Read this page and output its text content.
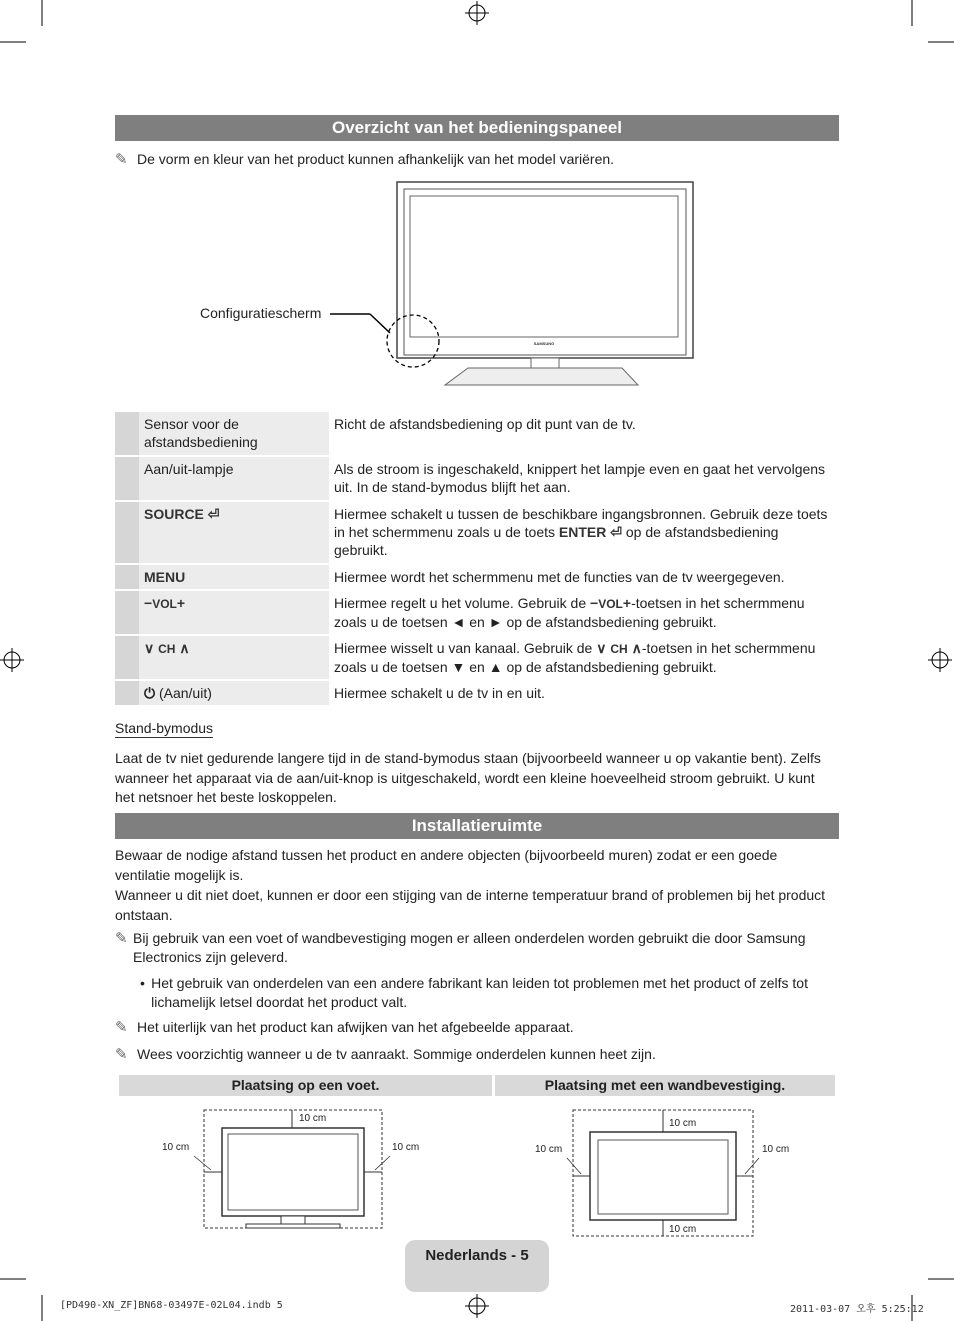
Overzicht van het bedieningspaneel
✎ De vorm en kleur van het product kunnen afhankelijk van het model variëren.
SAMSUNG
Configuratiescherm
	Sensor voor de afstandsbediening	Richt de afstandsbediening op dit punt van de tv.
	Aan/uit-lampje	Als de stroom is ingeschakeld, knippert het lampje even en gaat het vervolgens uit. In de stand-bymodus blijft het aan.
	SOURCE ⏎	Hiermee schakelt u tussen de beschikbare ingangsbronnen. Gebruik deze toets in het schermmenu zoals u de toets ENTER ⏎ op de afstandsbediening gebruikt.
	MENU	Hiermee wordt het schermmenu met de functies van de tv weergegeven.
	−VOL+	Hiermee regelt u het volume. Gebruik de −VOL+-toetsen in het schermmenu zoals u de toetsen ◄ en ► op de afstandsbediening gebruikt.
	∨ CH ∧	Hiermee wisselt u van kanaal. Gebruik de ∨ CH ∧-toetsen in het schermmenu zoals u de toetsen ▼ en ▲ op de afstandsbediening gebruikt.
	⏻ (Aan/uit)	Hiermee schakelt u de tv in en uit.
Stand-bymodus
Laat de tv niet gedurende langere tijd in de stand-bymodus staan (bijvoorbeeld wanneer u op vakantie bent). Zelfs wanneer het apparaat via de aan/uit-knop is uitgeschakeld, wordt een kleine hoeveelheid stroom gebruikt. U kunt het netsnoer het beste loskoppelen.
Installatieruimte
Bewaar de nodige afstand tussen het product en andere objecten (bijvoorbeeld muren) zodat er een goede ventilatie mogelijk is.
Wanneer u dit niet doet, kunnen er door een stijging van de interne temperatuur brand of problemen bij het product ontstaan.
✎ Bij gebruik van een voet of wandbevestiging mogen er alleen onderdelen worden gebruikt die door Samsung Electronics zijn geleverd.
• Het gebruik van onderdelen van een andere fabrikant kan leiden tot problemen met het product of zelfs tot lichamelijk letsel doordat het product valt.
✎ Het uiterlijk van het product kan afwijken van het afgebeelde apparaat.
✎ Wees voorzichtig wanneer u de tv aanraakt. Sommige onderdelen kunnen heet zijn.
Plaatsing op een voet.	Plaatsing met een wandbevestiging.
10 cm
10 cm	10 cm
10 cm
10 cm	10 cm
10 cm
Nederlands - 5
[PD490-XN_ZF]BN68-03497E-02L04.indb 5	2011-03-07 오후 5:25:12
